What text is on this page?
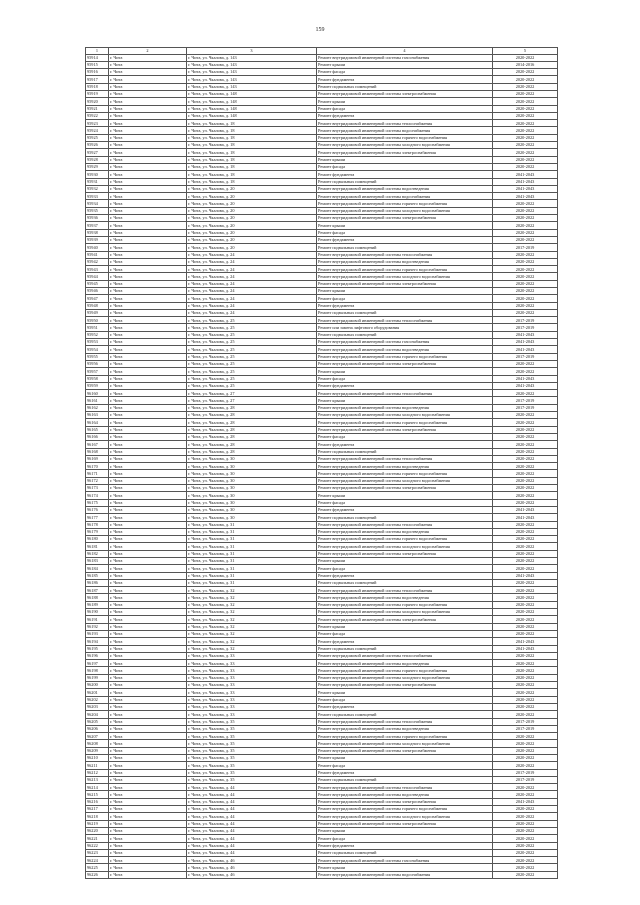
159
1	2	3	4	5
95914	г. Чита	г. Чита, ул. Чкалова, д. 143	Ремонт внутридомовой инженерной системы газоснабжения	2020-2022
95915	г. Чита	г. Чита, ул. Чкалова, д. 143	Ремонт крыши	2014-2016
95916	г. Чита	г. Чита, ул. Чкалова, д. 143	Ремонт фасада	2020-2022
95917	г. Чита	г. Чита, ул. Чкалова, д. 143	Ремонт фундамента	2020-2022
95918	г. Чита	г. Чита, ул. Чкалова, д. 143	Ремонт подвальных помещений	2020-2022
95919	г. Чита	г. Чита, ул. Чкалова, д. 148	Ремонт внутридомовой инженерной системы электроснабжения	2020-2022
95920	г. Чита	г. Чита, ул. Чкалова, д. 148	Ремонт крыши	2020-2022
95921	г. Чита	г. Чита, ул. Чкалова, д. 148	Ремонт фасада	2020-2022
95922	г. Чита	г. Чита, ул. Чкалова, д. 148	Ремонт фундамента	2020-2022
95923	г. Чита	г. Чита, ул. Чкалова, д. 18	Ремонт внутридомовой инженерной системы теплоснабжения	2020-2022
95924	г. Чита	г. Чита, ул. Чкалова, д. 18	Ремонт внутридомовой инженерной системы водоснабжения	2020-2022
95925	г. Чита	г. Чита, ул. Чкалова, д. 18	Ремонт внутридомовой инженерной системы горячего водоснабжения	2020-2022
95926	г. Чита	г. Чита, ул. Чкалова, д. 18	Ремонт внутридомовой инженерной системы холодного водоснабжения	2020-2022
95927	г. Чита	г. Чита, ул. Чкалова, д. 18	Ремонт внутридомовой инженерной системы электроснабжения	2020-2022
95928	г. Чита	г. Чита, ул. Чкалова, д. 18	Ремонт крыши	2020-2022
95929	г. Чита	г. Чита, ул. Чкалова, д. 18	Ремонт фасада	2020-2022
95930	г. Чита	г. Чита, ул. Чкалова, д. 18	Ремонт фундамента	2041-2043
95931	г. Чита	г. Чита, ул. Чкалова, д. 18	Ремонт подвальных помещений	2041-2043
95932	г. Чита	г. Чита, ул. Чкалова, д. 20	Ремонт внутридомовой инженерной системы водоотведения	2041-2043
95933	г. Чита	г. Чита, ул. Чкалова, д. 20	Ремонт внутридомовой инженерной системы водоснабжения	2041-2043
95934	г. Чита	г. Чита, ул. Чкалова, д. 20	Ремонт внутридомовой инженерной системы горячего водоснабжения	2020-2022
95935	г. Чита	г. Чита, ул. Чкалова, д. 20	Ремонт внутридомовой инженерной системы холодного водоснабжения	2020-2022
95936	г. Чита	г. Чита, ул. Чкалова, д. 20	Ремонт внутридомовой инженерной системы электроснабжения	2020-2022
95937	г. Чита	г. Чита, ул. Чкалова, д. 20	Ремонт крыши	2020-2022
95938	г. Чита	г. Чита, ул. Чкалова, д. 20	Ремонт фасада	2020-2022
95939	г. Чита	г. Чита, ул. Чкалова, д. 20	Ремонт фундамента	2020-2022
95940	г. Чита	г. Чита, ул. Чкалова, д. 20	Ремонт подвальных помещений	2017-2019
95941	г. Чита	г. Чита, ул. Чкалова, д. 24	Ремонт внутридомовой инженерной системы теплоснабжения	2020-2022
95942	г. Чита	г. Чита, ул. Чкалова, д. 24	Ремонт внутридомовой инженерной системы водоотведения	2020-2022
95943	г. Чита	г. Чита, ул. Чкалова, д. 24	Ремонт внутридомовой инженерной системы горячего водоснабжения	2020-2022
95944	г. Чита	г. Чита, ул. Чкалова, д. 24	Ремонт внутридомовой инженерной системы холодного водоснабжения	2020-2022
95945	г. Чита	г. Чита, ул. Чкалова, д. 24	Ремонт внутридомовой инженерной системы электроснабжения	2020-2022
95946	г. Чита	г. Чита, ул. Чкалова, д. 24	Ремонт крыши	2020-2022
95947	г. Чита	г. Чита, ул. Чкалова, д. 24	Ремонт фасада	2020-2022
95948	г. Чита	г. Чита, ул. Чкалова, д. 24	Ремонт фундамента	2020-2022
95949	г. Чита	г. Чита, ул. Чкалова, д. 24	Ремонт подвальных помещений	2020-2022
95950	г. Чита	г. Чита, ул. Чкалова, д. 25	Ремонт внутридомовой инженерной системы теплоснабжения	2017-2019
95951	г. Чита	г. Чита, ул. Чкалова, д. 25	Ремонт или замена лифтового оборудования	2017-2019
95952	г. Чита	г. Чита, ул. Чкалова, д. 25	Ремонт подвальных помещений	2041-2043
95953	г. Чита	г. Чита, ул. Чкалова, д. 25	Ремонт внутридомовой инженерной системы газоснабжения	2041-2043
95954	г. Чита	г. Чита, ул. Чкалова, д. 25	Ремонт внутридомовой инженерной системы водоотведения	2041-2043
95955	г. Чита	г. Чита, ул. Чкалова, д. 25	Ремонт внутридомовой инженерной системы горячего водоснабжения	2017-2019
95956	г. Чита	г. Чита, ул. Чкалова, д. 25	Ремонт внутридомовой инженерной системы электроснабжения	2020-2022
95957	г. Чита	г. Чита, ул. Чкалова, д. 25	Ремонт крыши	2020-2022
95958	г. Чита	г. Чита, ул. Чкалова, д. 25	Ремонт фасада	2041-2043
95959	г. Чита	г. Чита, ул. Чкалова, д. 25	Ремонт фундамента	2041-2043
96160	г. Чита	г. Чита, ул. Чкалова, д. 27	Ремонт внутридомовой инженерной системы теплоснабжения	2020-2022
96161	г. Чита	г. Чита, ул. Чкалова, д. 27	Ремонт крыши	2017-2019
96162	г. Чита	г. Чита, ул. Чкалова, д. 28	Ремонт внутридомовой инженерной системы водоотведения	2017-2019
96163	г. Чита	г. Чита, ул. Чкалова, д. 28	Ремонт внутридомовой инженерной системы холодного водоснабжения	2020-2022
96164	г. Чита	г. Чита, ул. Чкалова, д. 28	Ремонт внутридомовой инженерной системы горячего водоснабжения	2020-2022
96165	г. Чита	г. Чита, ул. Чкалова, д. 28	Ремонт внутридомовой инженерной системы электроснабжения	2020-2022
96166	г. Чита	г. Чита, ул. Чкалова, д. 28	Ремонт фасада	2020-2022
96167	г. Чита	г. Чита, ул. Чкалова, д. 28	Ремонт фундамента	2020-2022
96168	г. Чита	г. Чита, ул. Чкалова, д. 28	Ремонт подвальных помещений	2020-2022
96169	г. Чита	г. Чита, ул. Чкалова, д. 30	Ремонт внутридомовой инженерной системы теплоснабжения	2020-2022
96170	г. Чита	г. Чита, ул. Чкалова, д. 30	Ремонт внутридомовой инженерной системы водоотведения	2020-2022
96171	г. Чита	г. Чита, ул. Чкалова, д. 30	Ремонт внутридомовой инженерной системы горячего водоснабжения	2020-2022
96172	г. Чита	г. Чита, ул. Чкалова, д. 30	Ремонт внутридомовой инженерной системы холодного водоснабжения	2020-2022
96173	г. Чита	г. Чита, ул. Чкалова, д. 30	Ремонт внутридомовой инженерной системы электроснабжения	2020-2022
96174	г. Чита	г. Чита, ул. Чкалова, д. 30	Ремонт крыши	2020-2022
96175	г. Чита	г. Чита, ул. Чкалова, д. 30	Ремонт фасада	2020-2022
96176	г. Чита	г. Чита, ул. Чкалова, д. 30	Ремонт фундамента	2041-2043
96177	г. Чита	г. Чита, ул. Чкалова, д. 30	Ремонт подвальных помещений	2041-2043
96178	г. Чита	г. Чита, ул. Чкалова, д. 31	Ремонт внутридомовой инженерной системы теплоснабжения	2020-2022
96179	г. Чита	г. Чита, ул. Чкалова, д. 31	Ремонт внутридомовой инженерной системы водоотведения	2020-2022
96180	г. Чита	г. Чита, ул. Чкалова, д. 31	Ремонт внутридомовой инженерной системы горячего водоснабжения	2020-2022
96181	г. Чита	г. Чита, ул. Чкалова, д. 31	Ремонт внутридомовой инженерной системы холодного водоснабжения	2020-2022
96182	г. Чита	г. Чита, ул. Чкалова, д. 31	Ремонт внутридомовой инженерной системы электроснабжения	2020-2022
96183	г. Чита	г. Чита, ул. Чкалова, д. 31	Ремонт крыши	2020-2022
96184	г. Чита	г. Чита, ул. Чкалова, д. 31	Ремонт фасада	2020-2022
96185	г. Чита	г. Чита, ул. Чкалова, д. 31	Ремонт фундамента	2041-2043
96186	г. Чита	г. Чита, ул. Чкалова, д. 31	Ремонт подвальных помещений	2020-2022
96187	г. Чита	г. Чита, ул. Чкалова, д. 32	Ремонт внутридомовой инженерной системы теплоснабжения	2020-2022
96188	г. Чита	г. Чита, ул. Чкалова, д. 32	Ремонт внутридомовой инженерной системы водоотведения	2020-2022
96189	г. Чита	г. Чита, ул. Чкалова, д. 32	Ремонт внутридомовой инженерной системы горячего водоснабжения	2020-2022
96190	г. Чита	г. Чита, ул. Чкалова, д. 32	Ремонт внутридомовой инженерной системы холодного водоснабжения	2020-2022
96191	г. Чита	г. Чита, ул. Чкалова, д. 32	Ремонт внутридомовой инженерной системы электроснабжения	2020-2022
96192	г. Чита	г. Чита, ул. Чкалова, д. 32	Ремонт крыши	2020-2022
96193	г. Чита	г. Чита, ул. Чкалова, д. 32	Ремонт фасада	2020-2022
96194	г. Чита	г. Чита, ул. Чкалова, д. 32	Ремонт фундамента	2041-2043
96195	г. Чита	г. Чита, ул. Чкалова, д. 32	Ремонт подвальных помещений	2041-2043
96196	г. Чита	г. Чита, ул. Чкалова, д. 33	Ремонт внутридомовой инженерной системы теплоснабжения	2020-2022
96197	г. Чита	г. Чита, ул. Чкалова, д. 33	Ремонт внутридомовой инженерной системы водоотведения	2020-2022
96198	г. Чита	г. Чита, ул. Чкалова, д. 33	Ремонт внутридомовой инженерной системы горячего водоснабжения	2020-2022
96199	г. Чита	г. Чита, ул. Чкалова, д. 33	Ремонт внутридомовой инженерной системы холодного водоснабжения	2020-2022
96200	г. Чита	г. Чита, ул. Чкалова, д. 33	Ремонт внутридомовой инженерной системы электроснабжения	2020-2022
96201	г. Чита	г. Чита, ул. Чкалова, д. 33	Ремонт крыши	2020-2022
96202	г. Чита	г. Чита, ул. Чкалова, д. 33	Ремонт фасада	2020-2022
96203	г. Чита	г. Чита, ул. Чкалова, д. 33	Ремонт фундамента	2020-2022
96204	г. Чита	г. Чита, ул. Чкалова, д. 33	Ремонт подвальных помещений	2020-2022
96205	г. Чита	г. Чита, ул. Чкалова, д. 35	Ремонт внутридомовой инженерной системы теплоснабжения	2017-2019
96206	г. Чита	г. Чита, ул. Чкалова, д. 35	Ремонт внутридомовой инженерной системы водоотведения	2017-2019
96207	г. Чита	г. Чита, ул. Чкалова, д. 35	Ремонт внутридомовой инженерной системы горячего водоснабжения	2020-2022
96208	г. Чита	г. Чита, ул. Чкалова, д. 35	Ремонт внутридомовой инженерной системы холодного водоснабжения	2020-2022
96209	г. Чита	г. Чита, ул. Чкалова, д. 35	Ремонт внутридомовой инженерной системы электроснабжения	2020-2022
96210	г. Чита	г. Чита, ул. Чкалова, д. 35	Ремонт крыши	2020-2022
96211	г. Чита	г. Чита, ул. Чкалова, д. 35	Ремонт фасада	2020-2022
96212	г. Чита	г. Чита, ул. Чкалова, д. 35	Ремонт фундамента	2017-2019
96213	г. Чита	г. Чита, ул. Чкалова, д. 35	Ремонт подвальных помещений	2017-2019
96214	г. Чита	г. Чита, ул. Чкалова, д. 44	Ремонт внутридомовой инженерной системы теплоснабжения	2020-2022
96215	г. Чита	г. Чита, ул. Чкалова, д. 44	Ремонт внутридомовой инженерной системы водоотведения	2020-2022
96216	г. Чита	г. Чита, ул. Чкалова, д. 44	Ремонт внутридомовой инженерной системы электроснабжения	2041-2043
96217	г. Чита	г. Чита, ул. Чкалова, д. 44	Ремонт внутридомовой инженерной системы горячего водоснабжения	2020-2022
96218	г. Чита	г. Чита, ул. Чкалова, д. 44	Ремонт внутридомовой инженерной системы холодного водоснабжения	2020-2022
96219	г. Чита	г. Чита, ул. Чкалова, д. 44	Ремонт внутридомовой инженерной системы электроснабжения	2020-2022
96220	г. Чита	г. Чита, ул. Чкалова, д. 44	Ремонт крыши	2020-2022
96221	г. Чита	г. Чита, ул. Чкалова, д. 44	Ремонт фасада	2020-2022
96222	г. Чита	г. Чита, ул. Чкалова, д. 44	Ремонт фундамента	2020-2022
96223	г. Чита	г. Чита, ул. Чкалова, д. 44	Ремонт подвальных помещений	2020-2022
96224	г. Чита	г. Чита, ул. Чкалова, д. 46	Ремонт внутридомовой инженерной системы газоснабжения	2020-2022
96225	г. Чита	г. Чита, ул. Чкалова, д. 46	Ремонт крыши	2020-2022
96226	г. Чита	г. Чита, ул. Чкалова, д. 46	Ремонт внутридомовой инженерной системы водоснабжения	2020-2022
